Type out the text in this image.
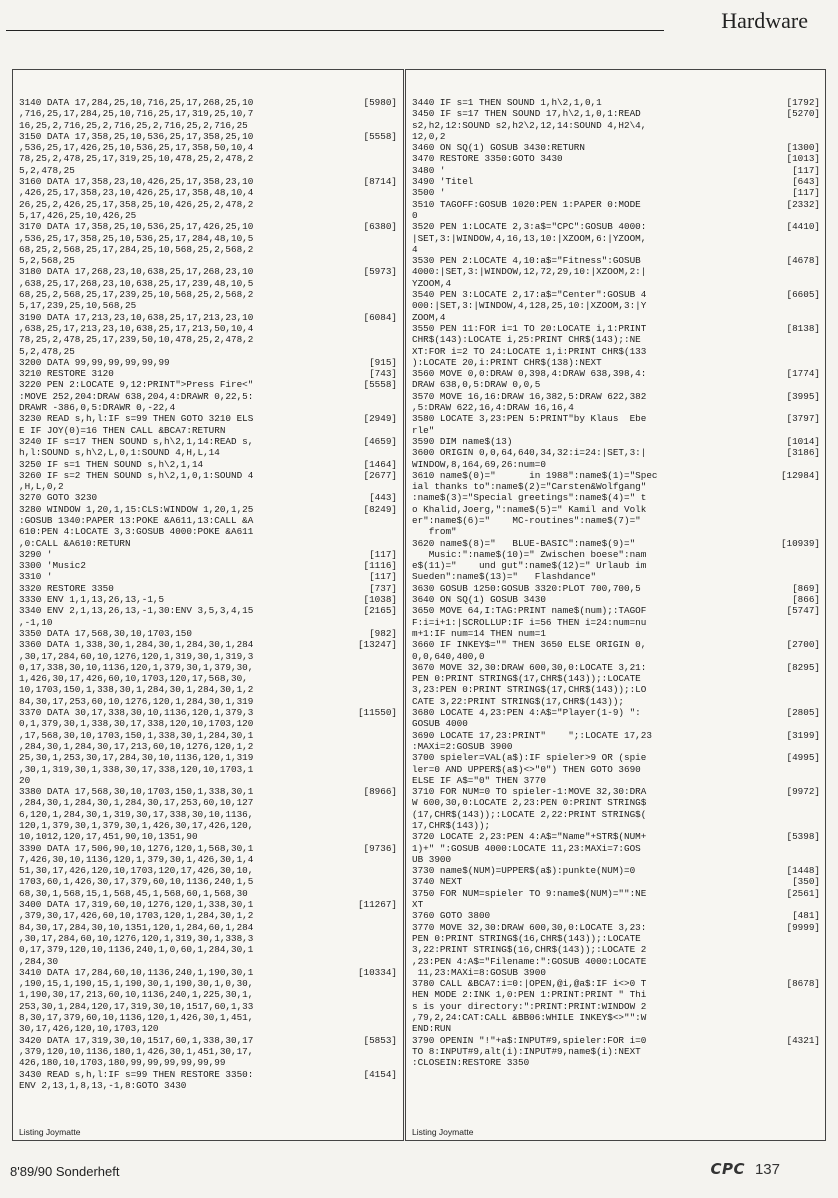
Hardware
3140 DATA 17,284,25,10,716,25,17,268,25,10	[5980]
,716,25,17,284,25,10,716,25,17,319,25,10,7
16,25,2,716,25,2,716,25,2,716,25,2,716,25
3150 DATA 17,358,25,10,536,25,17,358,25,10	[5558]
,536,25,17,426,25,10,536,25,17,358,50,10,4
78,25,2,478,25,17,319,25,10,478,25,2,478,2
5,2,478,25
3160 DATA 17,358,23,10,426,25,17,358,23,10	[8714]
,426,25,17,358,23,10,426,25,17,358,48,10,4
26,25,2,426,25,17,358,25,10,426,25,2,478,2
5,17,426,25,10,426,25
3170 DATA 17,358,25,10,536,25,17,426,25,10	[6380]
,536,25,17,358,25,10,536,25,17,284,48,10,5
68,25,2,568,25,17,284,25,10,568,25,2,568,2
5,2,568,25
3180 DATA 17,268,23,10,638,25,17,268,23,10	[5973]
,638,25,17,268,23,10,638,25,17,239,48,10,5
68,25,2,568,25,17,239,25,10,568,25,2,568,2
5,17,239,25,10,568,25
3190 DATA 17,213,23,10,638,25,17,213,23,10	[6084]
,638,25,17,213,23,10,638,25,17,213,50,10,4
78,25,2,478,25,17,239,50,10,478,25,2,478,2
5,2,478,25
3200 DATA 99,99,99,99,99,99	[915]
3210 RESTORE 3120	[743]
3220 PEN 2:LOCATE 9,12:PRINT">Press Fire<"	[5558]
:MOVE 252,204:DRAW 638,204,4:DRAWR 0,22,5:
DRAWR -386,0,5:DRAWR 0,-22,4
3230 READ s,h,l:IF s=99 THEN GOTO 3210 ELS	[2949]
E IF JOY(0)=16 THEN CALL &BCA7:RETURN
3240 IF s=17 THEN SOUND s,h\2,1,14:READ s,	[4659]
h,l:SOUND s,h\2,L,0,1:SOUND 4,H,L,14
3250 IF s=1 THEN SOUND s,h\2,1,14	[1464]
3260 IF s=2 THEN SOUND s,h\2,1,0,1:SOUND 4	[2677]
,H,L,0,2
3270 GOTO 3230	[443]
3280 WINDOW 1,20,1,15:CLS:WINDOW 1,20,1,25	[8249]
:GOSUB 1340:PAPER 13:POKE &A611,13:CALL &A
610:PEN 4:LOCATE 3,3:GOSUB 4000:POKE &A611
,0:CALL &A610:RETURN
3290 '	[117]
3300 'Music2	[1116]
3310 '	[117]
3320 RESTORE 3350	[737]
3330 ENV 1,1,13,26,13,-1,5	[1038]
3340 ENV 2,1,13,26,13,-1,30:ENV 3,5,3,4,15	[2165]
,-1,10
3350 DATA 17,568,30,10,1703,150	[982]
3360 DATA 1,338,30,1,284,30,1,284,30,1,284	[13247]
,30,17,284,60,10,1276,120,1,319,30,1,319,3
0,17,338,30,10,1136,120,1,379,30,1,379,30,
1,426,30,17,426,60,10,1703,120,17,568,30,
10,1703,150,1,338,30,1,284,30,1,284,30,1,2
84,30,17,253,60,10,1276,120,1,284,30,1,319
3370 DATA 30,17,338,30,10,1136,120,1,379,3	[11550]
0,1,379,30,1,338,30,17,338,120,10,1703,120
,17,568,30,10,1703,150,1,338,30,1,284,30,1
,284,30,1,284,30,17,213,60,10,1276,120,1,2
25,30,1,253,30,17,284,30,10,1136,120,1,319
,30,1,319,30,1,338,30,17,338,120,10,1703,1
20
3380 DATA 17,568,30,10,1703,150,1,338,30,1	[8966]
,284,30,1,284,30,1,284,30,17,253,60,10,127
6,120,1,284,30,1,319,30,17,338,30,10,1136,
120,1,379,30,1,379,30,1,426,30,17,426,120,
10,1012,120,17,451,90,10,1351,90
3390 DATA 17,506,90,10,1276,120,1,568,30,1	[9736]
7,426,30,10,1136,120,1,379,30,1,426,30,1,4
51,30,17,426,120,10,1703,120,17,426,30,10,
1703,60,1,426,30,17,379,60,10,1136,240,1,5
68,30,1,568,15,1,568,45,1,568,60,1,568,30
3400 DATA 17,319,60,10,1276,120,1,338,30,1	[11267]
,379,30,17,426,60,10,1703,120,1,284,30,1,2
84,30,17,284,30,10,1351,120,1,284,60,1,284
,30,17,284,60,10,1276,120,1,319,30,1,338,3
0,17,379,120,10,1136,240,1,0,60,1,284,30,1
,284,30
3410 DATA 17,284,60,10,1136,240,1,190,30,1	[10334]
,190,15,1,190,15,1,190,30,1,190,30,1,0,30,
1,190,30,17,213,60,10,1136,240,1,225,30,1,
253,30,1,284,120,17,319,30,10,1517,60,1,33
8,30,17,379,60,10,1136,120,1,426,30,1,451,
30,17,426,120,10,1703,120
3420 DATA 17,319,30,10,1517,60,1,338,30,17	[5853]
,379,120,10,1136,180,1,426,30,1,451,30,17,
426,180,10,1703,180,99,99,99,99,99,99
3430 READ s,h,l:IF s=99 THEN RESTORE 3350:	[4154]
ENV 2,13,1,8,13,-1,8:GOTO 3430
Listing Joymatte
3440 IF s=1 THEN SOUND 1,h\2,1,0,1	[1792]
3450 IF s=17 THEN SOUND 17,h\2,1,0,1:READ	[5270]
s2,h2,12:SOUND s2,h2\2,12,14:SOUND 4,H2\4,
12,0,2
3460 ON SQ(1) GOSUB 3430:RETURN	[1300]
3470 RESTORE 3350:GOTO 3430	[1013]
3480 '	[117]
3490 'Titel	[643]
3500 '	[117]
3510 TAGOFF:GOSUB 1020:PEN 1:PAPER 0:MODE	[2332]
0
3520 PEN 1:LOCATE 2,3:a$="CPC":GOSUB 4000:	[4410]
|SET,3:|WINDOW,4,16,13,10:|XZOOM,6:|YZOOM,
4
3530 PEN 2:LOCATE 4,10:a$="Fitness":GOSUB	[4678]
4000:|SET,3:|WINDOW,12,72,29,10:|XZOOM,2:|
YZOOM,4
3540 PEN 3:LOCATE 2,17:a$="Center":GOSUB 4	[6605]
000:|SET,3:|WINDOW,4,128,25,10:|XZOOM,3:|Y
ZOOM,4
3550 PEN 11:FOR i=1 TO 20:LOCATE i,1:PRINT	[8138]
CHR$(143):LOCATE i,25:PRINT CHR$(143);:NE
XT:FOR i=2 TO 24:LOCATE 1,i:PRINT CHR$(133
):LOCATE 20,i:PRINT CHR$(138):NEXT
3560 MOVE 0,0:DRAW 0,398,4:DRAW 638,398,4:	[1774]
DRAW 638,0,5:DRAW 0,0,5
3570 MOVE 16,16:DRAW 16,382,5:DRAW 622,382	[3995]
,5:DRAW 622,16,4:DRAW 16,16,4
3580 LOCATE 3,23:PEN 5:PRINT"by Klaus  Ebe	[3797]
rle"
3590 DIM name$(13)	[1014]
3600 ORIGIN 0,0,64,640,34,32:i=24:|SET,3:|	[3186]
WINDOW,8,164,69,26:num=0
3610 name$(0)="      in 1988":name$(1)="Spec	[12984]
ial thanks to":name$(2)="Carsten&Wolfgang"
:name$(3)="Special greetings":name$(4)=" t
o Khalid,Joerg,":name$(5)=" Kamil and Volk
er":name$(6)="    MC-routines":name$(7)="
from"
3620 name$(8)="   BLUE-BASIC":name$(9)="	[10939]
Music:":name$(10)=" Zwischen boese":nam
e$(11)="    und gut":name$(12)=" Urlaub im
Sueden":name$(13)="   Flashdance"
3630 GOSUB 1250:GOSUB 3320:PLOT 700,700,5	[869]
3640 ON SQ(1) GOSUB 3430	[866]
3650 MOVE 64,I:TAG:PRINT name$(num);:TAGOF	[5747]
F:i=i+1:|SCROLLUP:IF i=56 THEN i=24:num=nu
m+1:IF num=14 THEN num=1
3660 IF INKEY$="" THEN 3650 ELSE ORIGIN 0,	[2700]
0,0,640,400,0
3670 MOVE 32,30:DRAW 600,30,0:LOCATE 3,21:	[8295]
PEN 0:PRINT STRING$(17,CHR$(143));:LOCATE
3,23:PEN 0:PRINT STRING$(17,CHR$(143));:LO
CATE 3,22:PRINT STRING$(17,CHR$(143));
3680 LOCATE 4,23:PEN 4:A$="Player(1-9) ":	[2805]
GOSUB 4000
3690 LOCATE 17,23:PRINT"    ";:LOCATE 17,23	[3199]
:MAXi=2:GOSUB 3900
3700 spieler=VAL(a$):IF spieler>9 OR (spie	[4995]
ler=0 AND UPPER$(a$)<>"0") THEN GOTO 3690
ELSE IF A$="0" THEN 3770
3710 FOR NUM=0 TO spieler-1:MOVE 32,30:DRA	[9972]
W 600,30,0:LOCATE 2,23:PEN 0:PRINT STRING$
(17,CHR$(143));:LOCATE 2,22:PRINT STRING$(
17,CHR$(143));
3720 LOCATE 2,23:PEN 4:A$="Name"+STR$(NUM+	[5398]
1)+" ":GOSUB 4000:LOCATE 11,23:MAXi=7:GOS
UB 3900
3730 name$(NUM)=UPPER$(a$):punkte(NUM)=0	[1448]
3740 NEXT	[350]
3750 FOR NUM=spieler TO 9:name$(NUM)="":NE	[2561]
XT
3760 GOTO 3800	[481]
3770 MOVE 32,30:DRAW 600,30,0:LOCATE 3,23:	[9999]
PEN 0:PRINT STRING$(16,CHR$(143));:LOCATE
3,22:PRINT STRING$(16,CHR$(143));:LOCATE 2
,23:PEN 4:A$="Filename:":GOSUB 4000:LOCATE
11,23:MAXi=8:GOSUB 3900
3780 CALL &BCA7:i=0:|OPEN,@i,@a$:IF i<>0 T	[8678]
HEN MODE 2:INK 1,0:PEN 1:PRINT:PRINT " Thi
s is your directory:":PRINT:PRINT:WINDOW 2
,79,2,24:CAT:CALL &BB06:WHILE INKEY$<>"":W
END:RUN
3790 OPENIN "!"+a$:INPUT#9,spieler:FOR i=0	[4321]
TO 8:INPUT#9,alt(i):INPUT#9,name$(i):NEXT
:CLOSEIN:RESTORE 3350
Listing Joymatte
8'89/90 Sonderheft	CPC 137
